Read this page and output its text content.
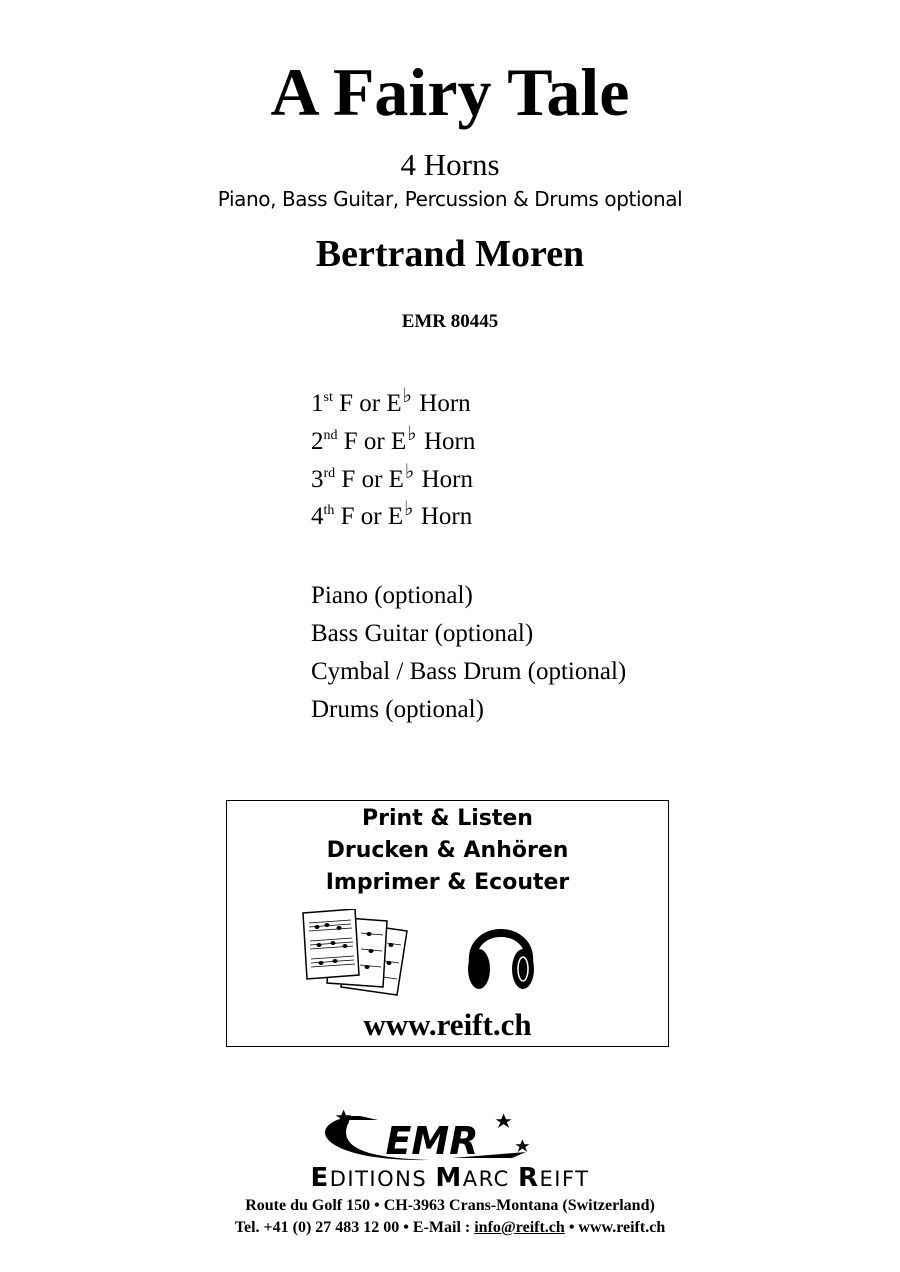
A Fairy Tale
4 Horns
Piano, Bass Guitar, Percussion & Drums optional
Bertrand Moren
EMR 80445
1st F or E♭ Horn
2nd F or E♭ Horn
3rd F or E♭ Horn
4th F or E♭ Horn
Piano (optional)
Bass Guitar (optional)
Cymbal / Bass Drum (optional)
Drums (optional)
Print & Listen
Drucken & Anhören
Imprimer & Ecouter
www.reift.ch
EMR
EDITIONS MARC REIFT
Route du Golf 150 • CH-3963 Crans-Montana (Switzerland)
Tel. +41 (0) 27 483 12 00 • E-Mail : info@reift.ch • www.reift.ch
